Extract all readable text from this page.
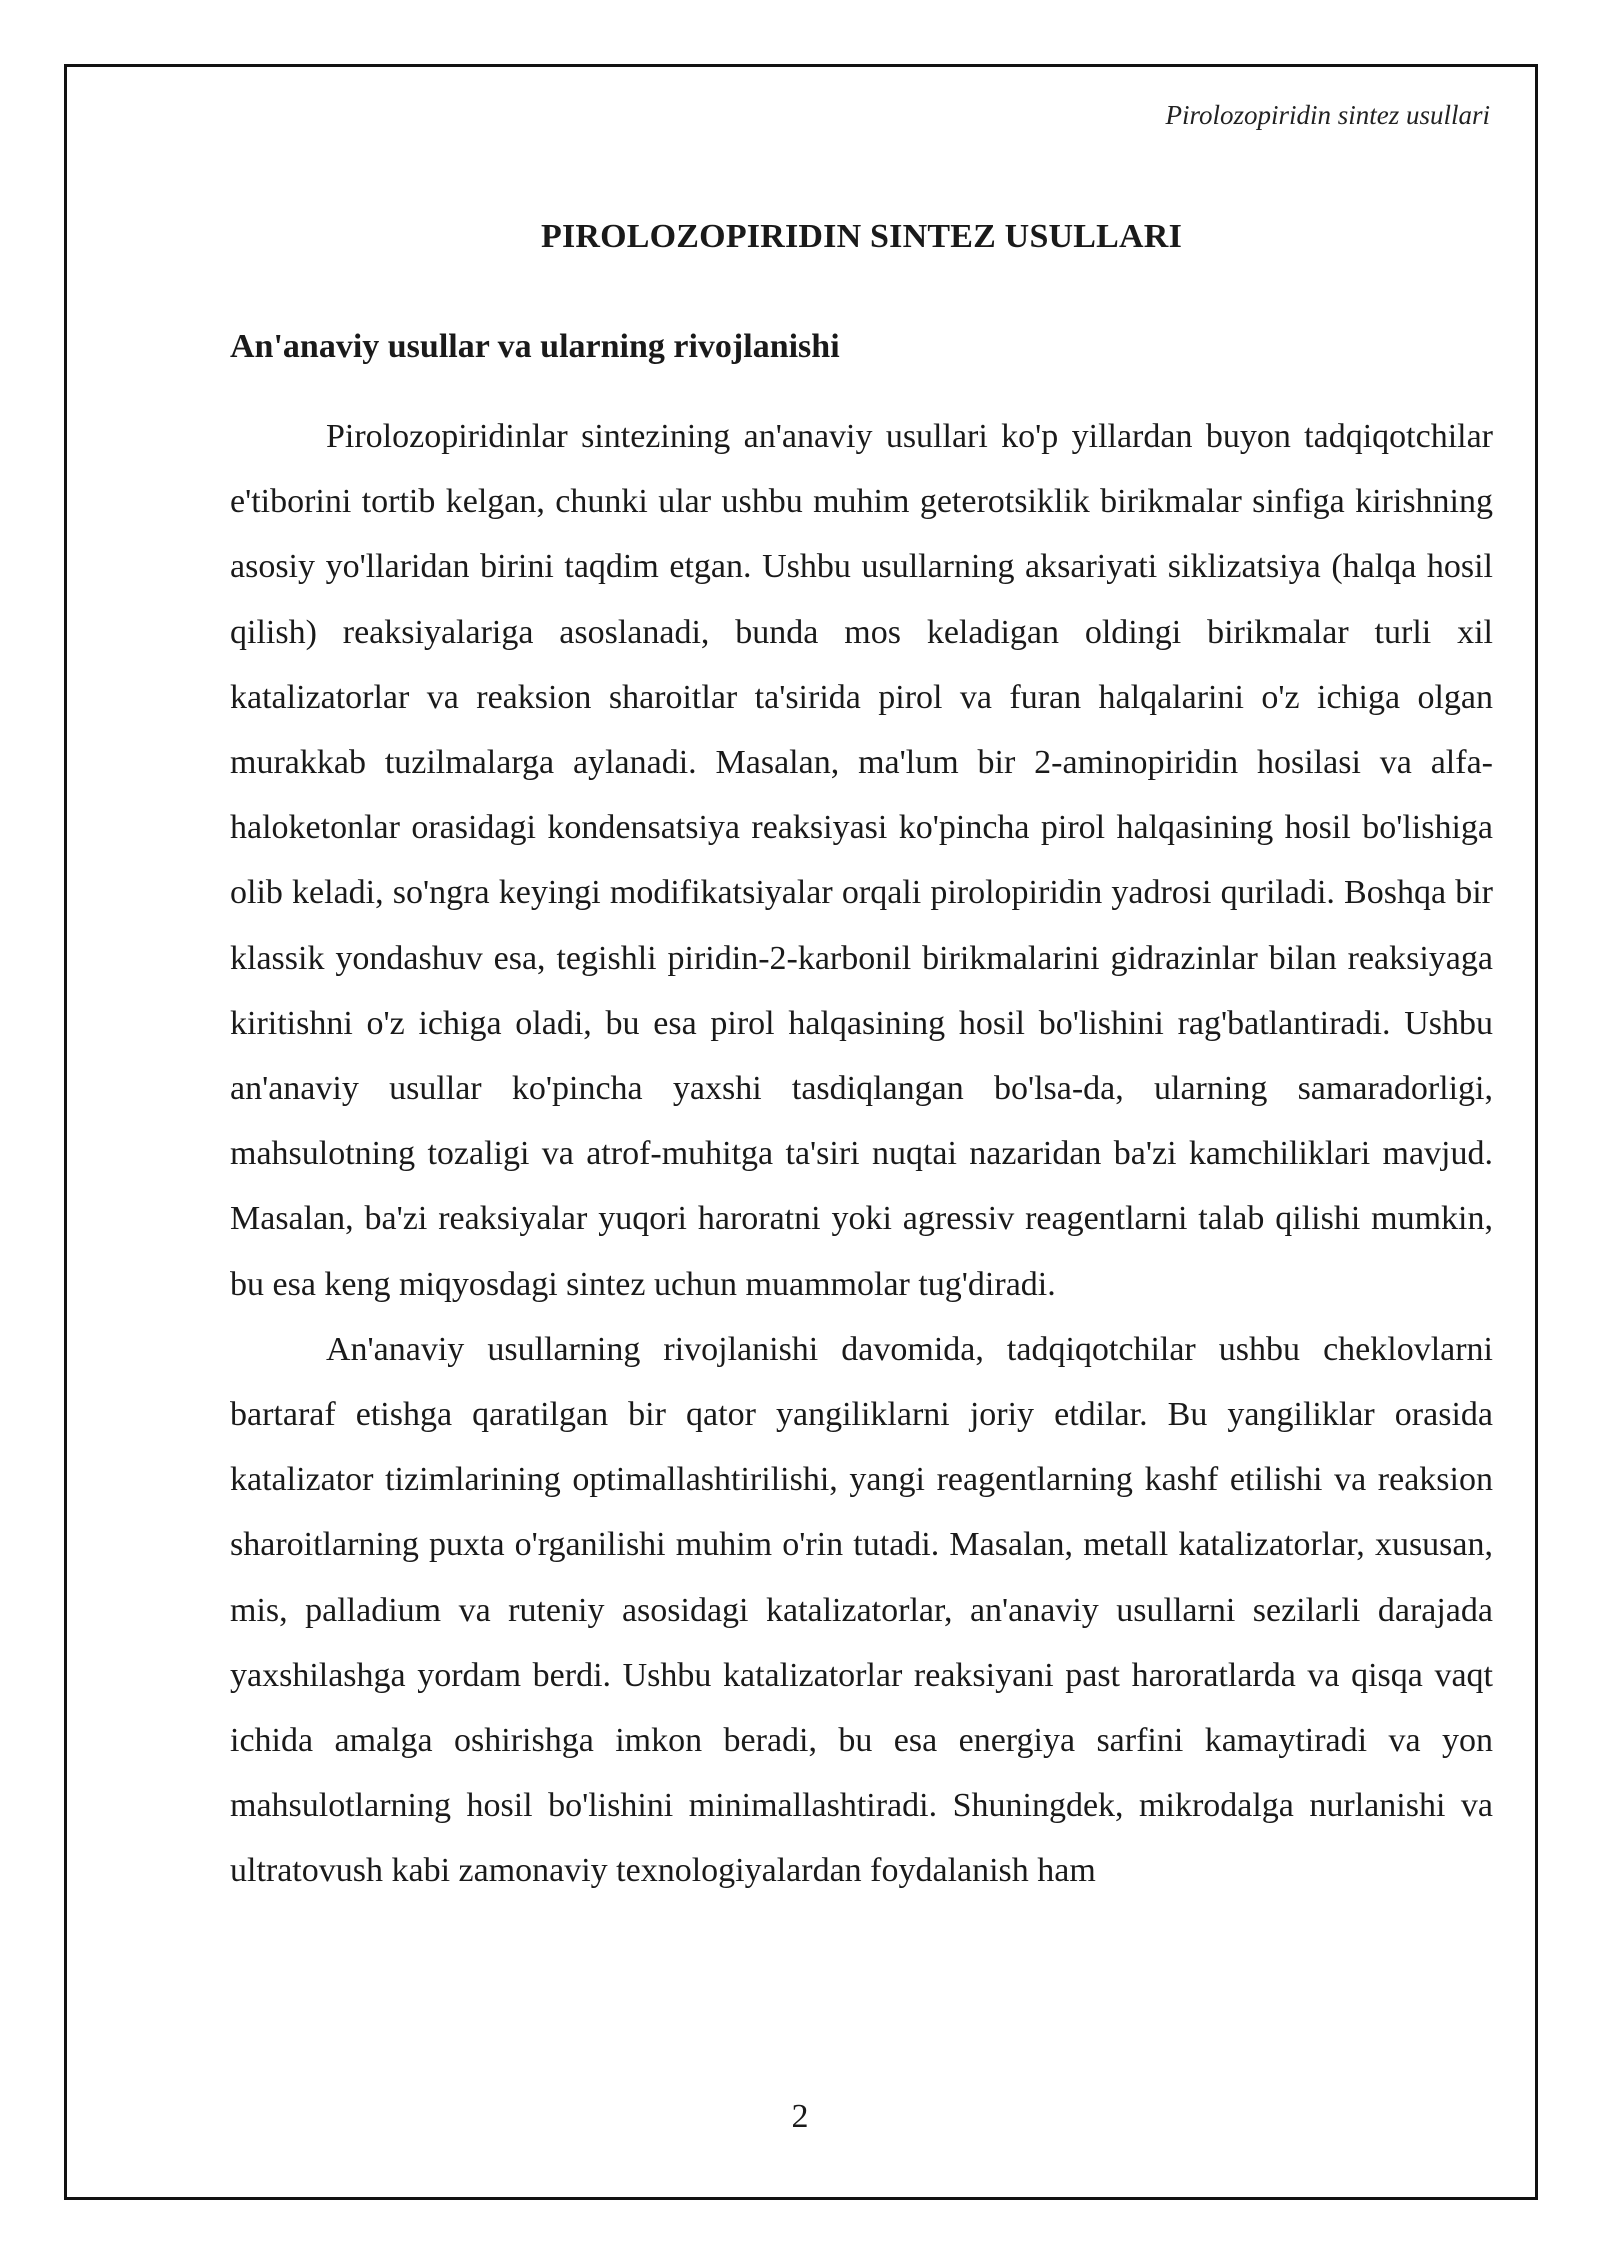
Pirolozopiridin sintez usullari
PIROLOZOPIRIDIN SINTEZ USULLARI
An'anaviy usullar va ularning rivojlanishi

Pirolozopiridinlar sintezining an'anaviy usullari ko'p yillardan buyon tadqiqotchilar e'tiborini tortib kelgan, chunki ular ushbu muhim geterotsiklik birikmalar sinfiga kirishning asosiy yo'llaridan birini taqdim etgan. Ushbu usullarning aksariyati siklizatsiya (halqa hosil qilish) reaksiyalariga asoslanadi, bunda mos keladigan oldingi birikmalar turli xil katalizatorlar va reaksion sharoitlar ta'sirida pirol va furan halqalarini o'z ichiga olgan murakkab tuzilmalarga aylanadi. Masalan, ma'lum bir 2-aminopiridin hosilasi va alfa-haloketonlar orasidagi kondensatsiya reaksiyasi ko'pincha pirol halqasining hosil bo'lishiga olib keladi, so'ngra keyingi modifikatsiyalar orqali pirolopiridin yadrosi quriladi. Boshqa bir klassik yondashuv esa, tegishli piridin-2-karbonil birikmalarini gidrazinlar bilan reaksiyaga kiritishni o'z ichiga oladi, bu esa pirol halqasining hosil bo'lishini rag'batlantiradi. Ushbu an'anaviy usullar ko'pincha yaxshi tasdiqlangan bo'lsa-da, ularning samaradorligi, mahsulotning tozaligi va atrof-muhitga ta'siri nuqtai nazaridan ba'zi kamchiliklari mavjud. Masalan, ba'zi reaksiyalar yuqori haroratni yoki agressiv reagentlarni talab qilishi mumkin, bu esa keng miqyosdagi sintez uchun muammolar tug'diradi.

An'anaviy usullarning rivojlanishi davomida, tadqiqotchilar ushbu cheklovlarni bartaraf etishga qaratilgan bir qator yangiliklarni joriy etdilar. Bu yangiliklar orasida katalizator tizimlarining optimallashtirilishi, yangi reagentlarning kashf etilishi va reaksion sharoitlarning puxta o'rganilishi muhim o'rin tutadi. Masalan, metall katalizatorlar, xususan, mis, palladium va ruteniy asosidagi katalizatorlar, an'anaviy usullarni sezilarli darajada yaxshilashga yordam berdi. Ushbu katalizatorlar reaksiyani past haroratlarda va qisqa vaqt ichida amalga oshirishga imkon beradi, bu esa energiya sarfini kamaytiradi va yon mahsulotlarning hosil bo'lishini minimallashtiradi. Shuningdek, mikrodalga nurlanishi va ultratovush kabi zamonaviy texnologiyalardan foydalanish ham

2
